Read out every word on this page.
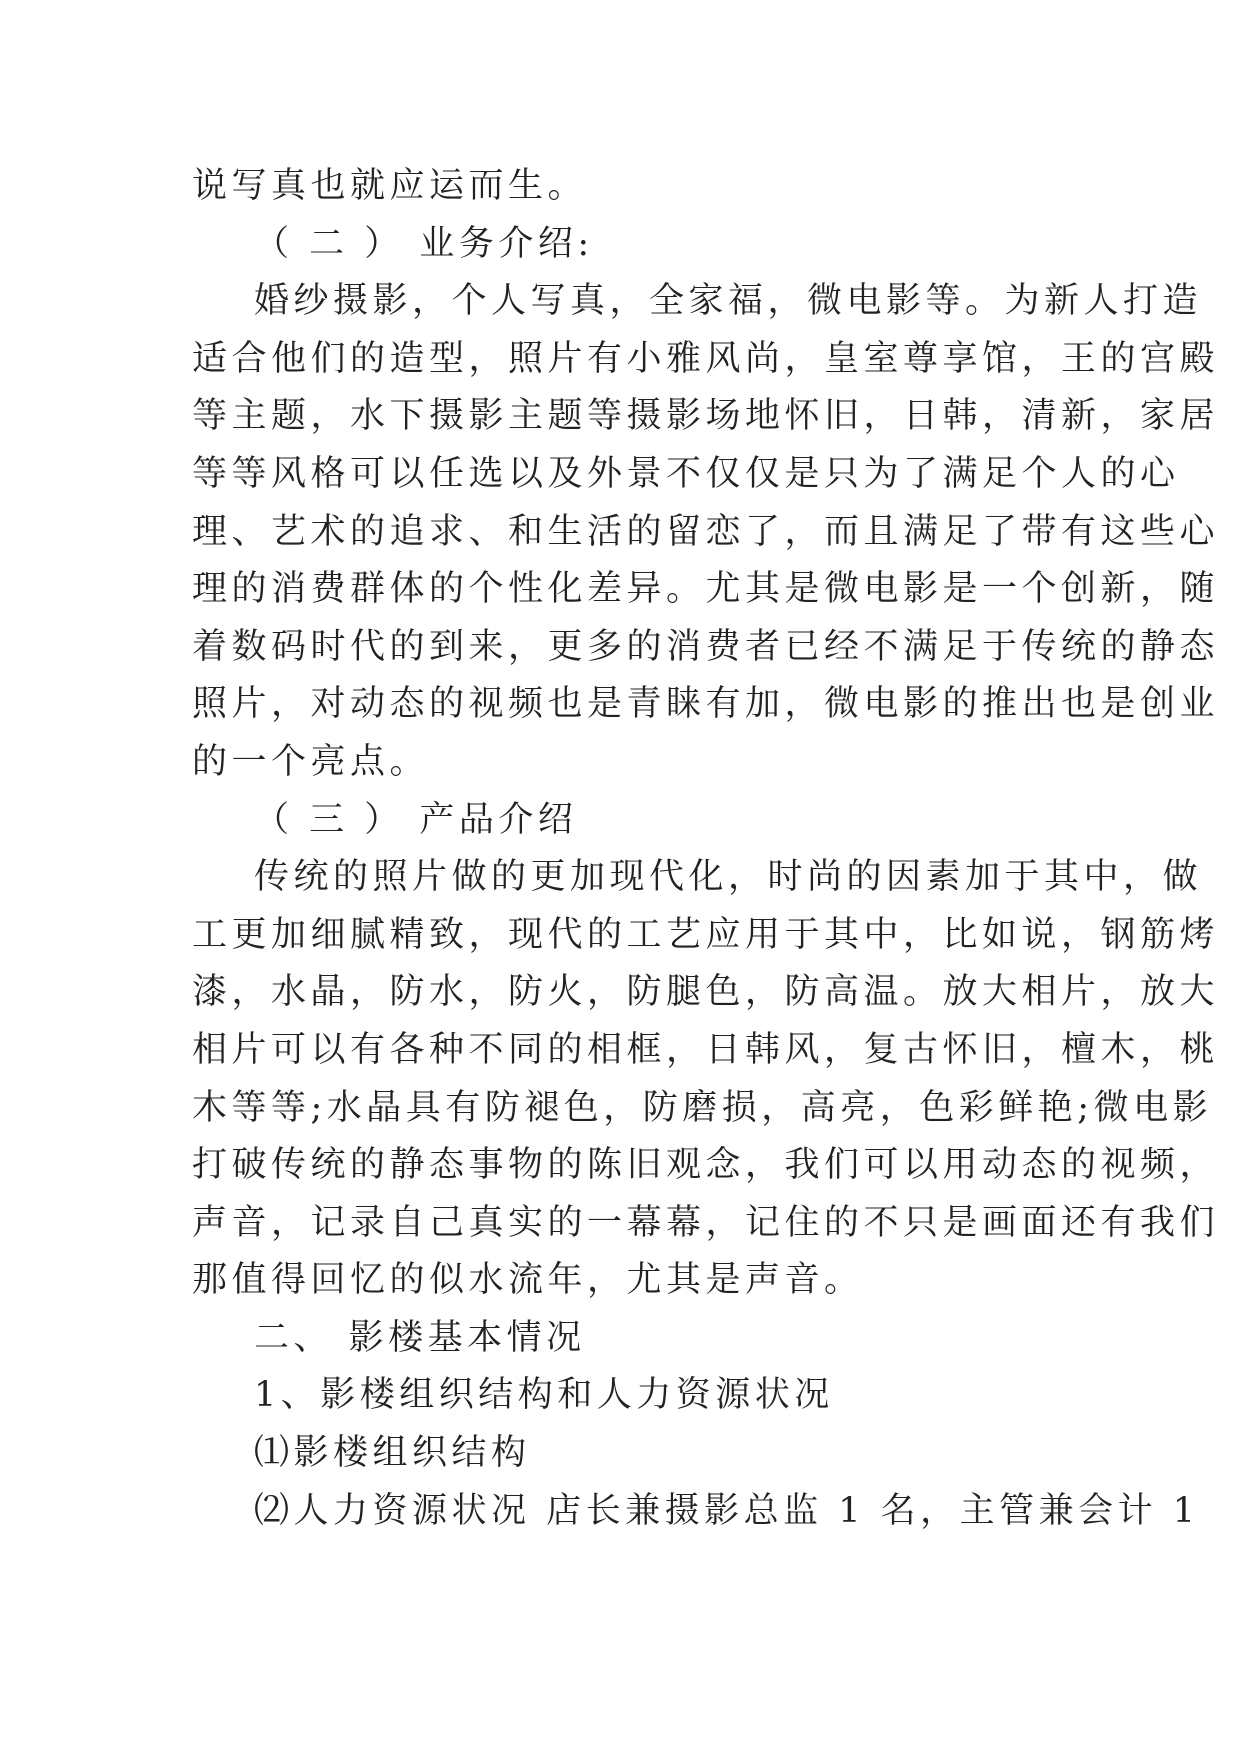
说写真也就应运而生。
（ 二 ） 业务介绍:
婚纱摄影，个人写真，全家福，微电影等。为新人打造
适合他们的造型，照片有小雅风尚，皇室尊享馆，王的宫殿
等主题，水下摄影主题等摄影场地怀旧，日韩，清新，家居
等等风格可以任选以及外景不仅仅是只为了满足个人的心
理、艺术的追求、和生活的留恋了，而且满足了带有这些心
理的消费群体的个性化差异。尤其是微电影是一个创新，随
着数码时代的到来，更多的消费者已经不满足于传统的静态
照片，对动态的视频也是青睐有加，微电影的推出也是创业
的一个亮点。
（ 三 ） 产品介绍
传统的照片做的更加现代化，时尚的因素加于其中，做
工更加细腻精致，现代的工艺应用于其中，比如说，钢筋烤
漆，水晶，防水，防火，防腿色，防高温。放大相片，放大
相片可以有各种不同的相框，日韩风，复古怀旧，檀木，桃
木等等;水晶具有防褪色，防磨损，高亮，色彩鲜艳;微电影
打破传统的静态事物的陈旧观念，我们可以用动态的视频，
声音，记录自己真实的一幕幕，记住的不只是画面还有我们
那值得回忆的似水流年，尤其是声音。
二、 影楼基本情况
1、影楼组织结构和人力资源状况
⑴影楼组织结构
⑵人力资源状况 店长兼摄影总监 1 名，主管兼会计 1
